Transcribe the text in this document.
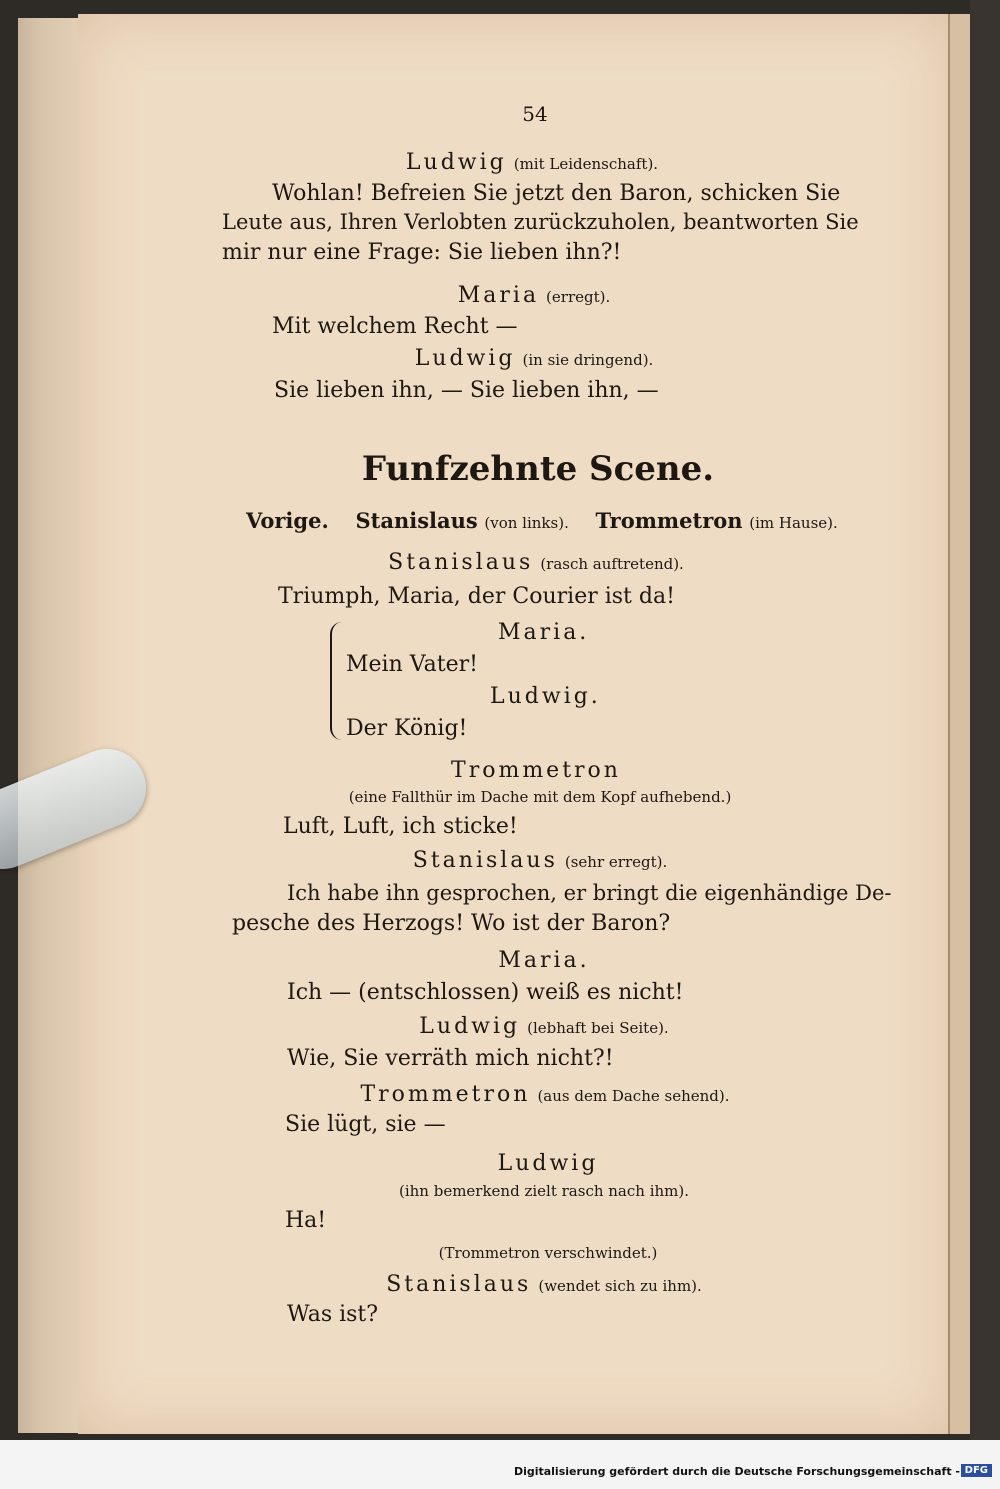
54
Ludwig (mit Leidenschaft).
Wohlan! Befreien Sie jetzt den Baron, schicken Sie
Leute aus, Ihren Verlobten zurückzuholen, beantworten Sie
mir nur eine Frage: Sie lieben ihn?!
Maria (erregt).
Mit welchem Recht —
Ludwig (in sie dringend).
Sie lieben ihn, — Sie lieben ihn, —
Funfzehnte Scene.
Vorige. Stanislaus (von links). Trommetron (im Hause).
Stanislaus (rasch auftretend).
Triumph, Maria, der Courier ist da!
Maria.
Mein Vater!
Ludwig.
Der König!
Trommetron
(eine Fallthür im Dache mit dem Kopf aufhebend.)
Luft, Luft, ich sticke!
Stanislaus (sehr erregt).
Ich habe ihn gesprochen, er bringt die eigenhändige De-
pesche des Herzogs! Wo ist der Baron?
Maria.
Ich — (entschlossen) weiß es nicht!
Ludwig (lebhaft bei Seite).
Wie, Sie verräth mich nicht?!
Trommetron (aus dem Dache sehend).
Sie lügt, sie —
Ludwig
(ihn bemerkend zielt rasch nach ihm).
Ha!
(Trommetron verschwindet.)
Stanislaus (wendet sich zu ihm).
Was ist?
Digitalisierung gefördert durch die Deutsche Forschungsgemeinschaft - DFG
